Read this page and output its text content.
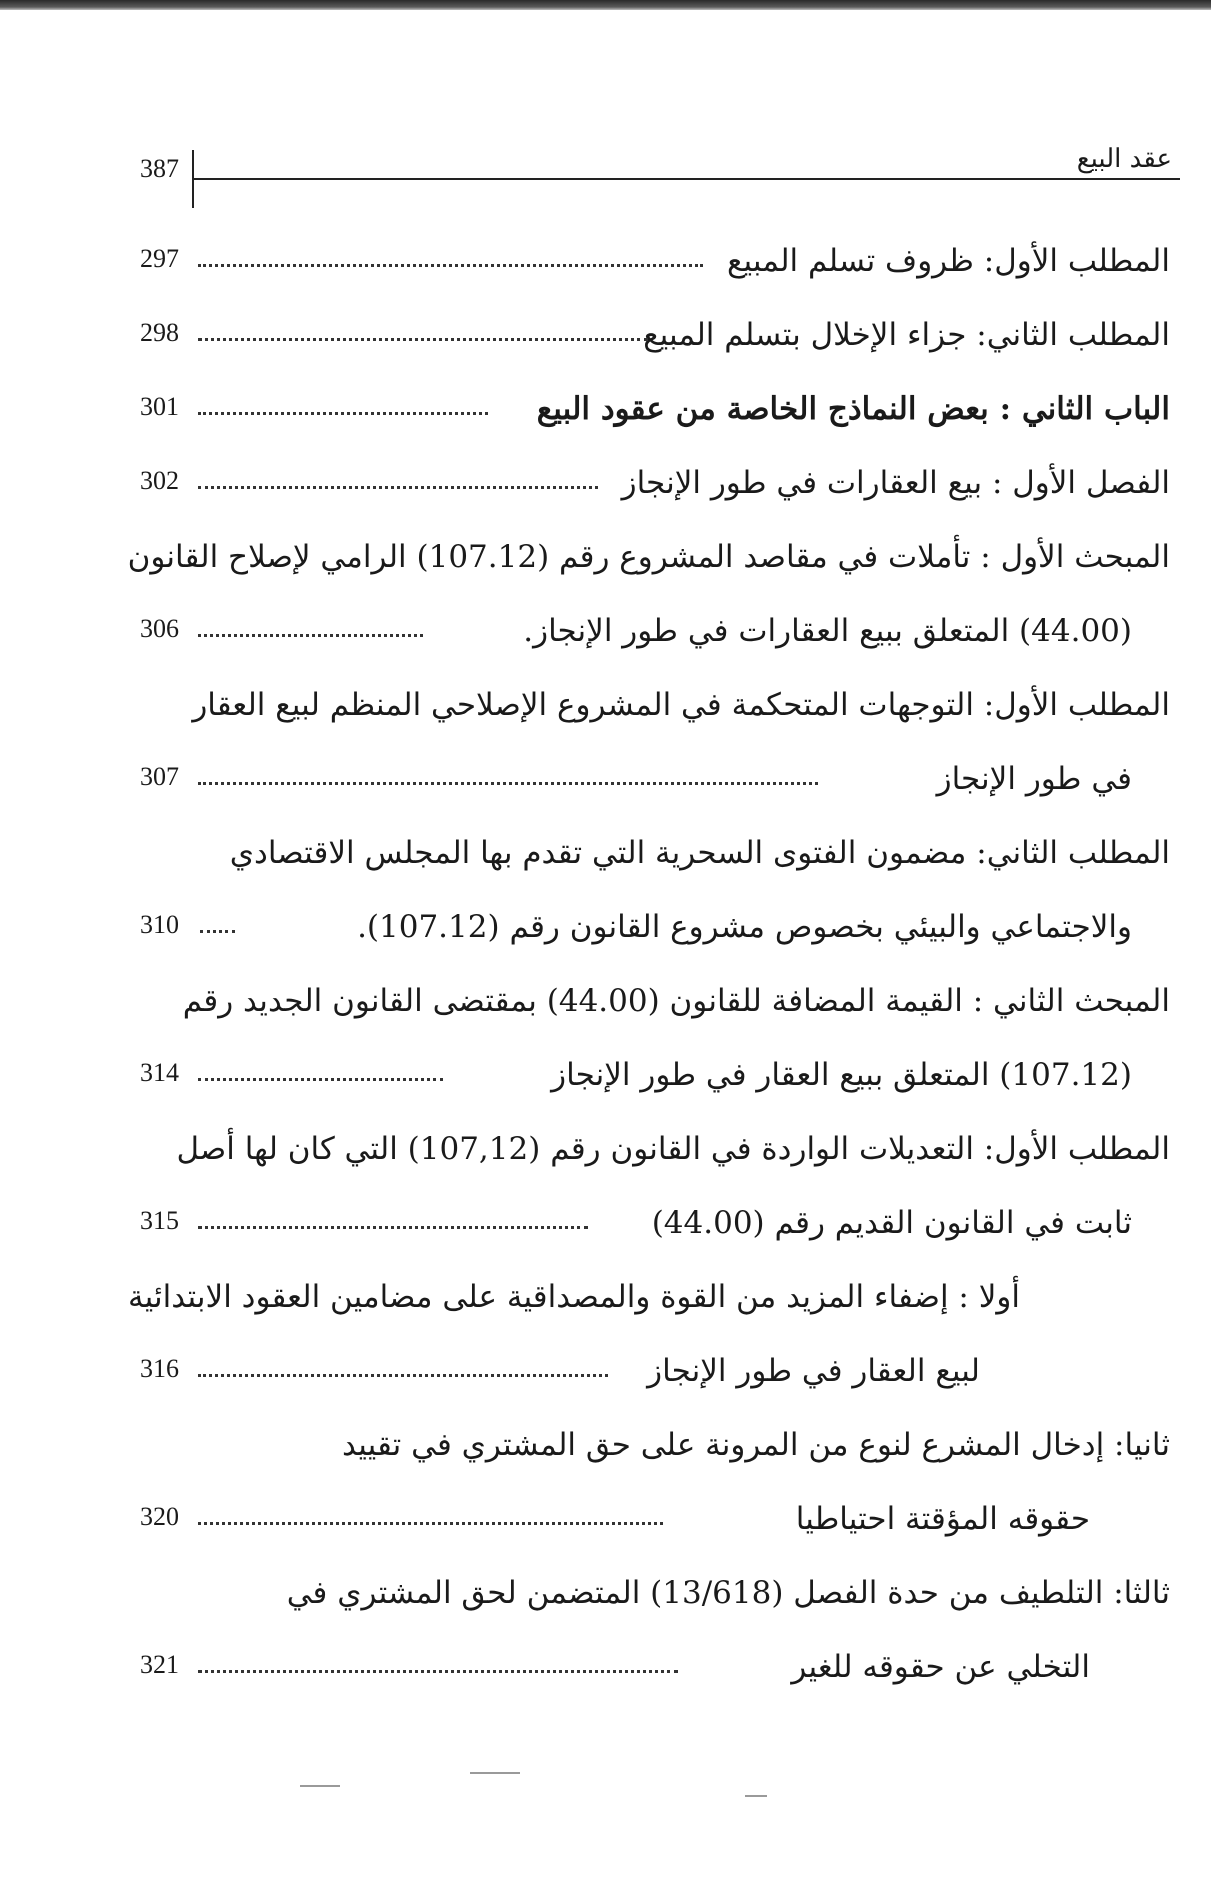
387	عقد البيع
المطلب الأول: ظروف تسلم المبيع
297
المطلب الثاني: جزاء الإخلال بتسلم المبيع
298
الباب الثاني : بعض النماذج الخاصة من عقود البيع
301
الفصل الأول : بيع العقارات في طور الإنجاز
302
المبحث الأول : تأملات في مقاصد المشروع رقم (107.12) الرامي لإصلاح القانون
(44.00) المتعلق ببيع العقارات في طور الإنجاز.
306
المطلب الأول: التوجهات المتحكمة في المشروع الإصلاحي المنظم لبيع العقار
في طور الإنجاز
307
المطلب الثاني: مضمون الفتوى السحرية التي تقدم بها المجلس الاقتصادي
والاجتماعي والبيئي بخصوص مشروع القانون رقم (107.12).
310
المبحث الثاني : القيمة المضافة للقانون (44.00) بمقتضى القانون الجديد رقم
(107.12) المتعلق ببيع العقار في طور الإنجاز
314
المطلب الأول: التعديلات الواردة في القانون رقم (107,12) التي كان لها أصل
ثابت في القانون القديم رقم (44.00)
315
أولا : إضفاء المزيد من القوة والمصداقية على مضامين العقود الابتدائية
لبيع العقار في طور الإنجاز
316
ثانيا: إدخال المشرع لنوع من المرونة على حق المشتري في تقييد
حقوقه المؤقتة احتياطيا
320
ثالثا: التلطيف من حدة الفصل (13/618) المتضمن لحق المشتري في
التخلي عن حقوقه للغير
321
